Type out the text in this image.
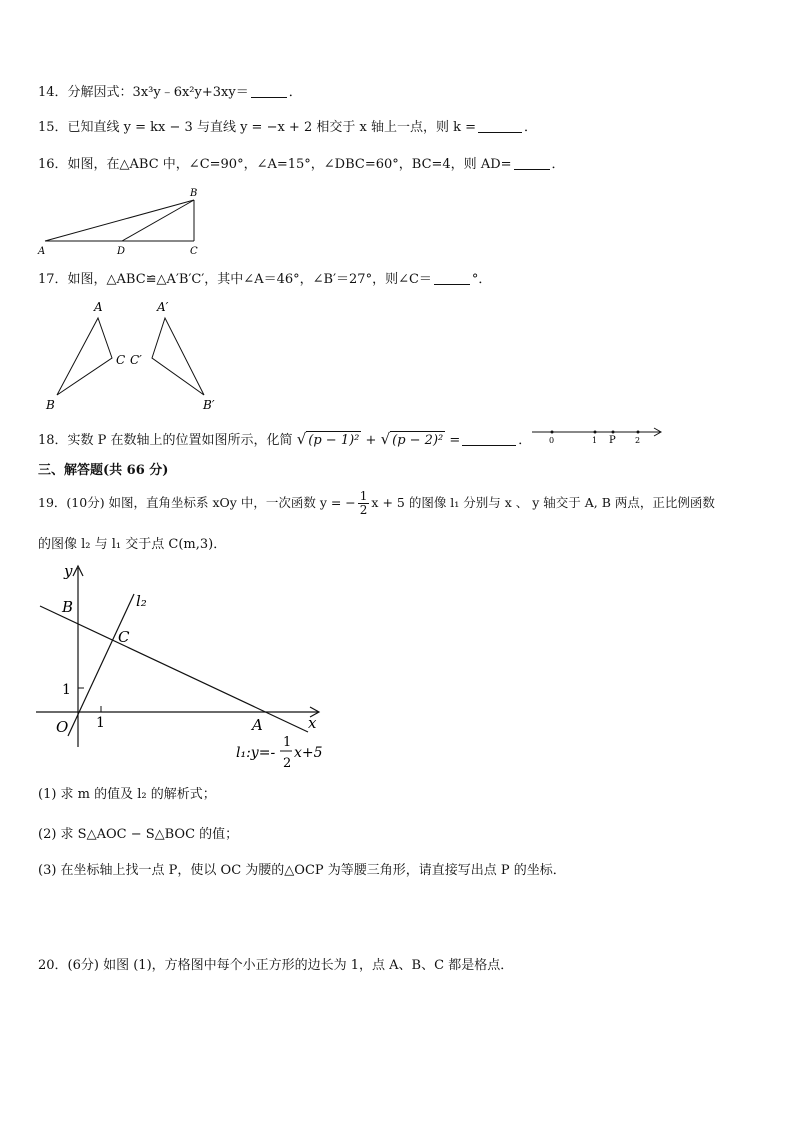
14．分解因式：3x³y﹣6x²y+3xy＝	．
15．已知直线 y = kx − 3 与直线 y = −x + 2 相交于 x 轴上一点，则 k =	．
16．如图，在△ABC 中，∠C=90°，∠A=15°，∠DBC=60°，BC=4，则 AD=	．
B
A	D	C
17．如图，△ABC≌△A′B′C′，其中∠A＝46°，∠B′＝27°，则∠C＝	°．
A
B
C
A′
C′
B′
18．实数 P 在数轴上的位置如图所示，化简 √ (p − 1)² + √ (p − 2)² =	． 0	1 P 2
三、解答题(共 66 分)
19．(10分) 如图，直角坐标系 xOy 中，一次函数 y = − $\frac{1}{2}$ x + 5 的图像 l₁ 分别与 x 、 y 轴交于 A, B 两点，正比例函数
的图像 l₂ 与 l₁ 交于点 C(m,3)．
y
x
B
C
O	A
1
1
l₂
l₁:y=-
1
2
x+5
(1) 求 m 的值及 l₂ 的解析式；
(2) 求 S△AOC − S△BOC 的值；
(3) 在坐标轴上找一点 P，使以 OC 为腰的△OCP 为等腰三角形，请直接写出点 P 的坐标．
20．(6分) 如图 (1)，方格图中每个小正方形的边长为 1，点 A、B、C 都是格点．
